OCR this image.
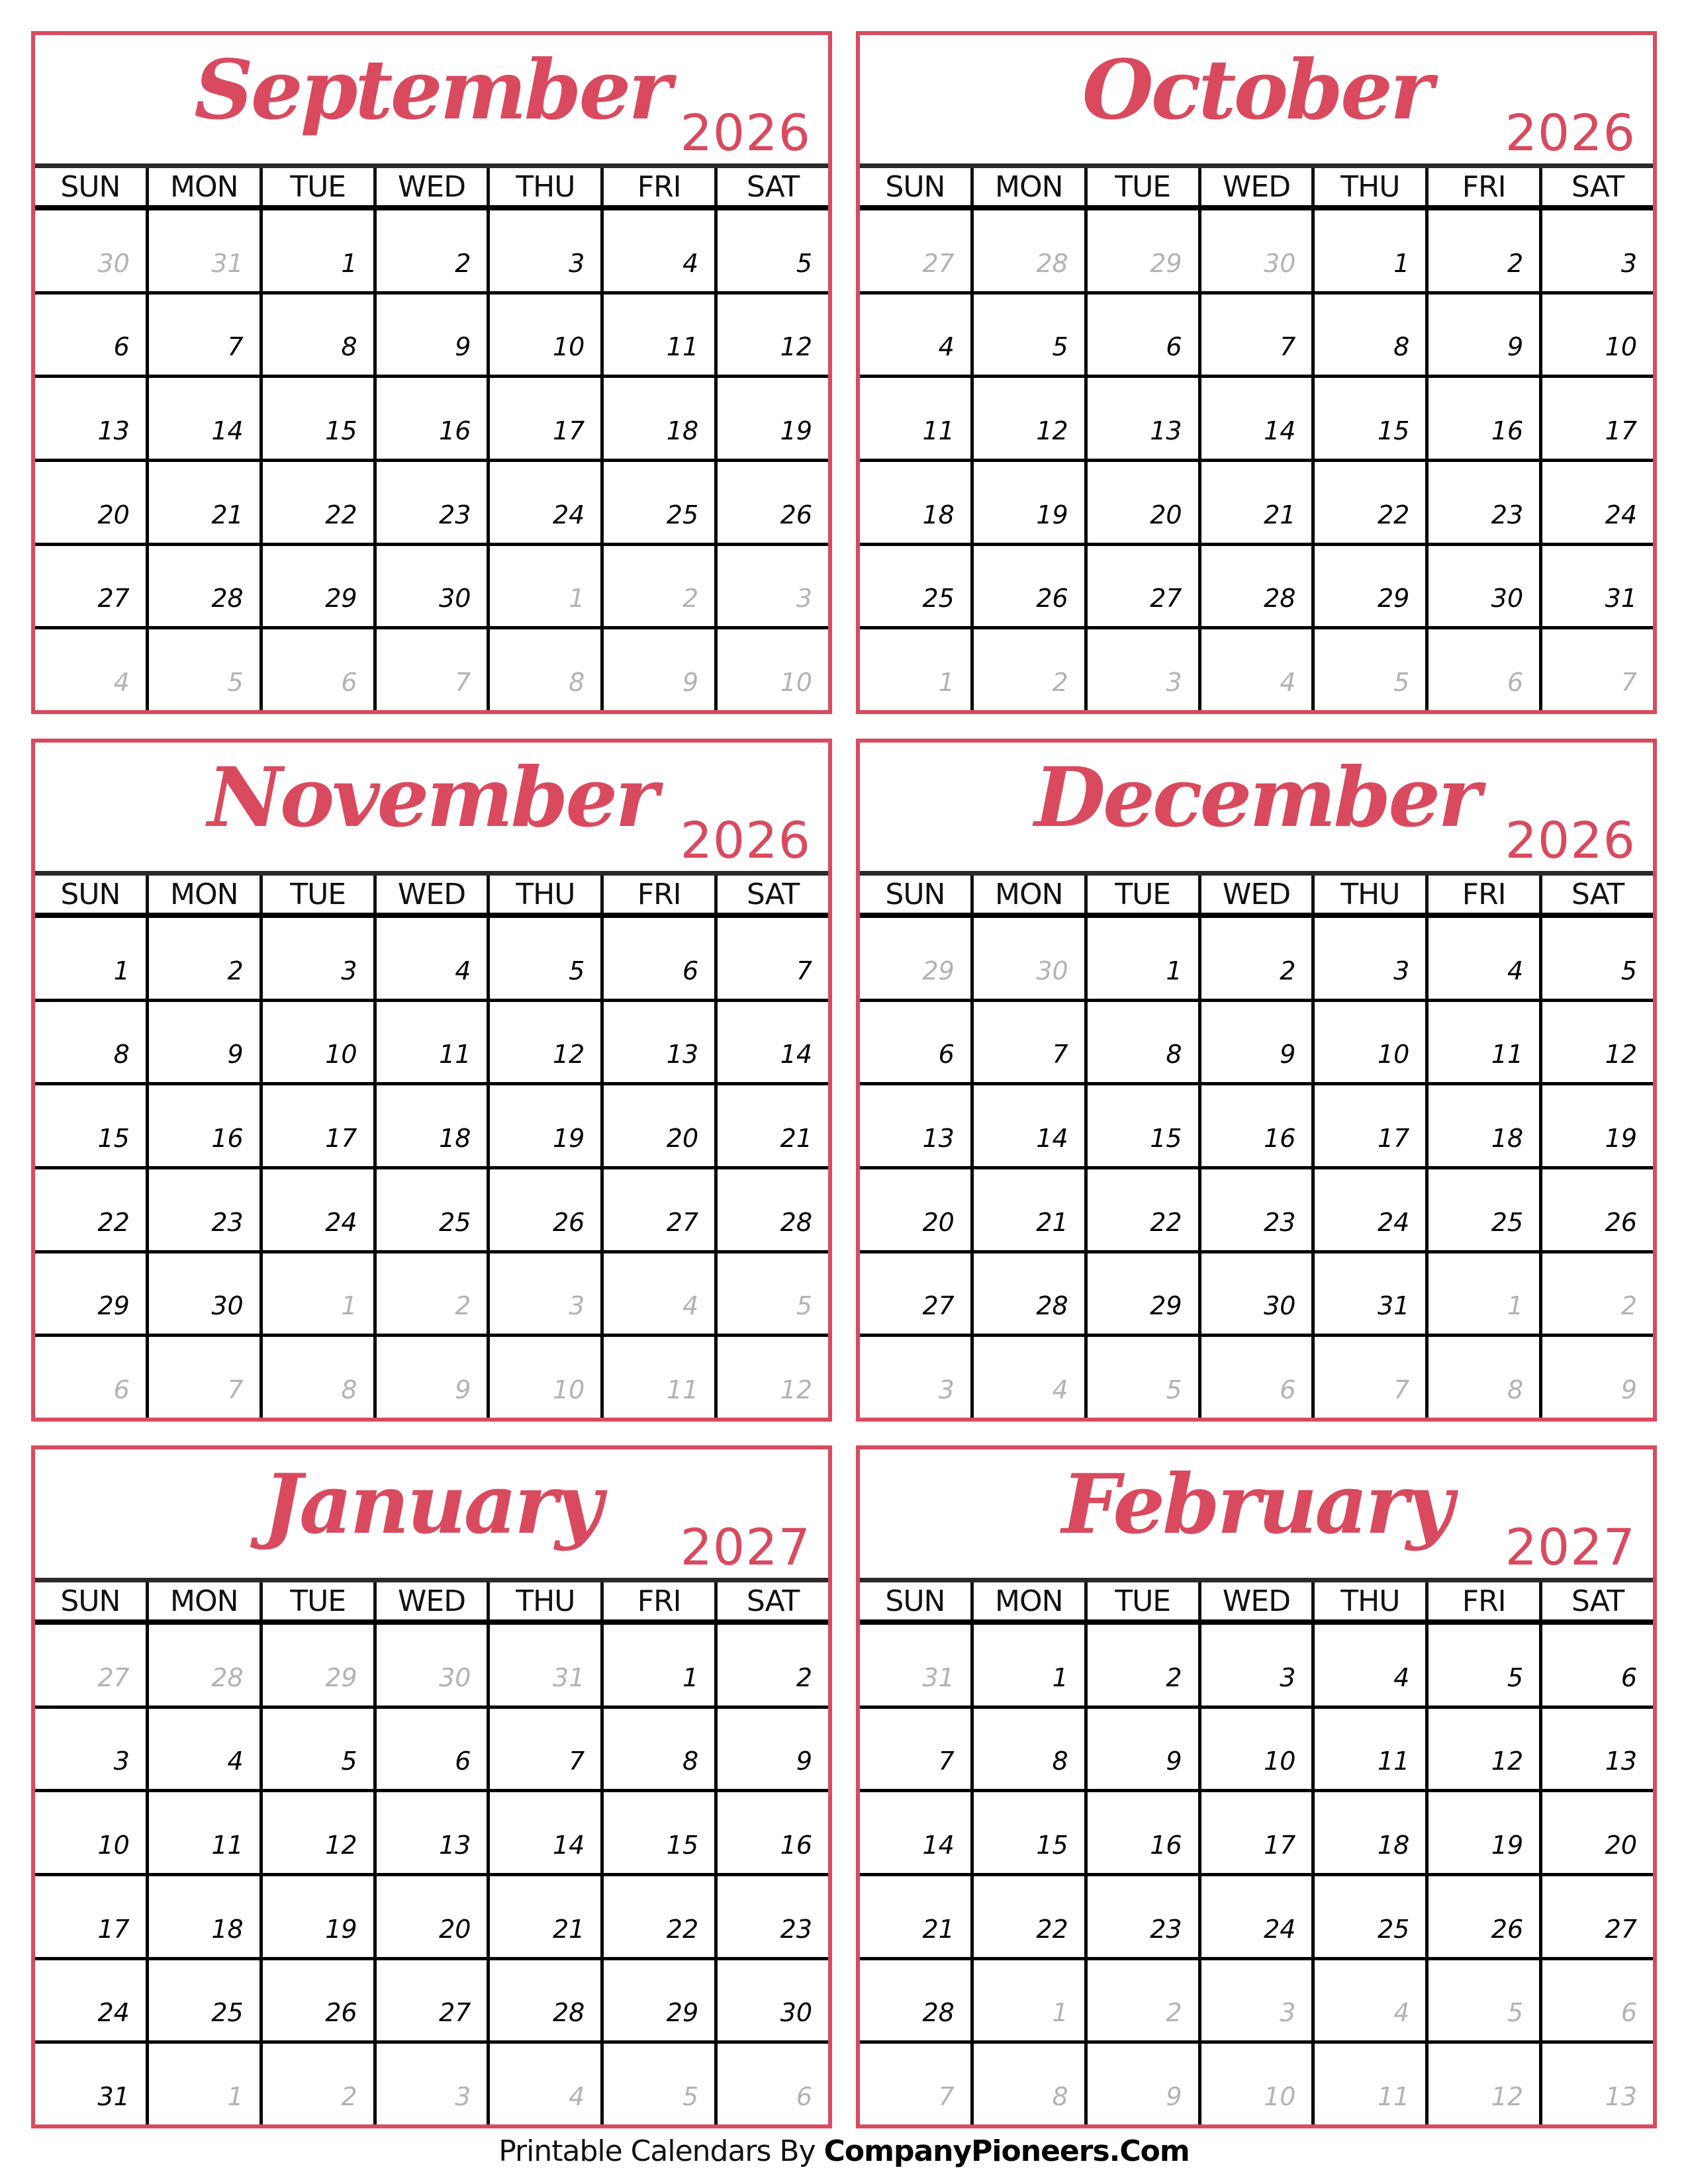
September 2026
SUN	MON	TUE	WED	THU	FRI	SAT
30	31	1	2	3	4	5
6	7	8	9	10	11	12
13	14	15	16	17	18	19
20	21	22	23	24	25	26
27	28	29	30	1	2	3
4	5	6	7	8	9	10
October	2026
SUN	MON	TUE	WED	THU	FRI	SAT
27	28	29	30	1	2	3
4	5	6	7	8	9	10
11	12	13	14	15	16	17
18	19	20	21	22	23	24
25	26	27	28	29	30	31
1	2	3	4	5	6	7
November 2026
SUN	MON	TUE	WED	THU	FRI	SAT
1	2	3	4	5	6	7
8	9	10	11	12	13	14
15	16	17	18	19	20	21
22	23	24	25	26	27	28
29	30	1	2	3	4	5
6	7	8	9	10	11	12
December 2026
SUN	MON	TUE	WED	THU	FRI	SAT
29	30	1	2	3	4	5
6	7	8	9	10	11	12
13	14	15	16	17	18	19
20	21	22	23	24	25	26
27	28	29	30	31	1	2
3	4	5	6	7	8	9
January	2027
SUN	MON	TUE	WED	THU	FRI	SAT
27	28	29	30	31	1	2
3	4	5	6	7	8	9
10	11	12	13	14	15	16
17	18	19	20	21	22	23
24	25	26	27	28	29	30
31	1	2	3	4	5	6
February	2027
SUN	MON	TUE	WED	THU	FRI	SAT
31	1	2	3	4	5	6
7	8	9	10	11	12	13
14	15	16	17	18	19	20
21	22	23	24	25	26	27
28	1	2	3	4	5	6
7	8	9	10	11	12	13
Printable Calendars By CompanyPioneers.Com
